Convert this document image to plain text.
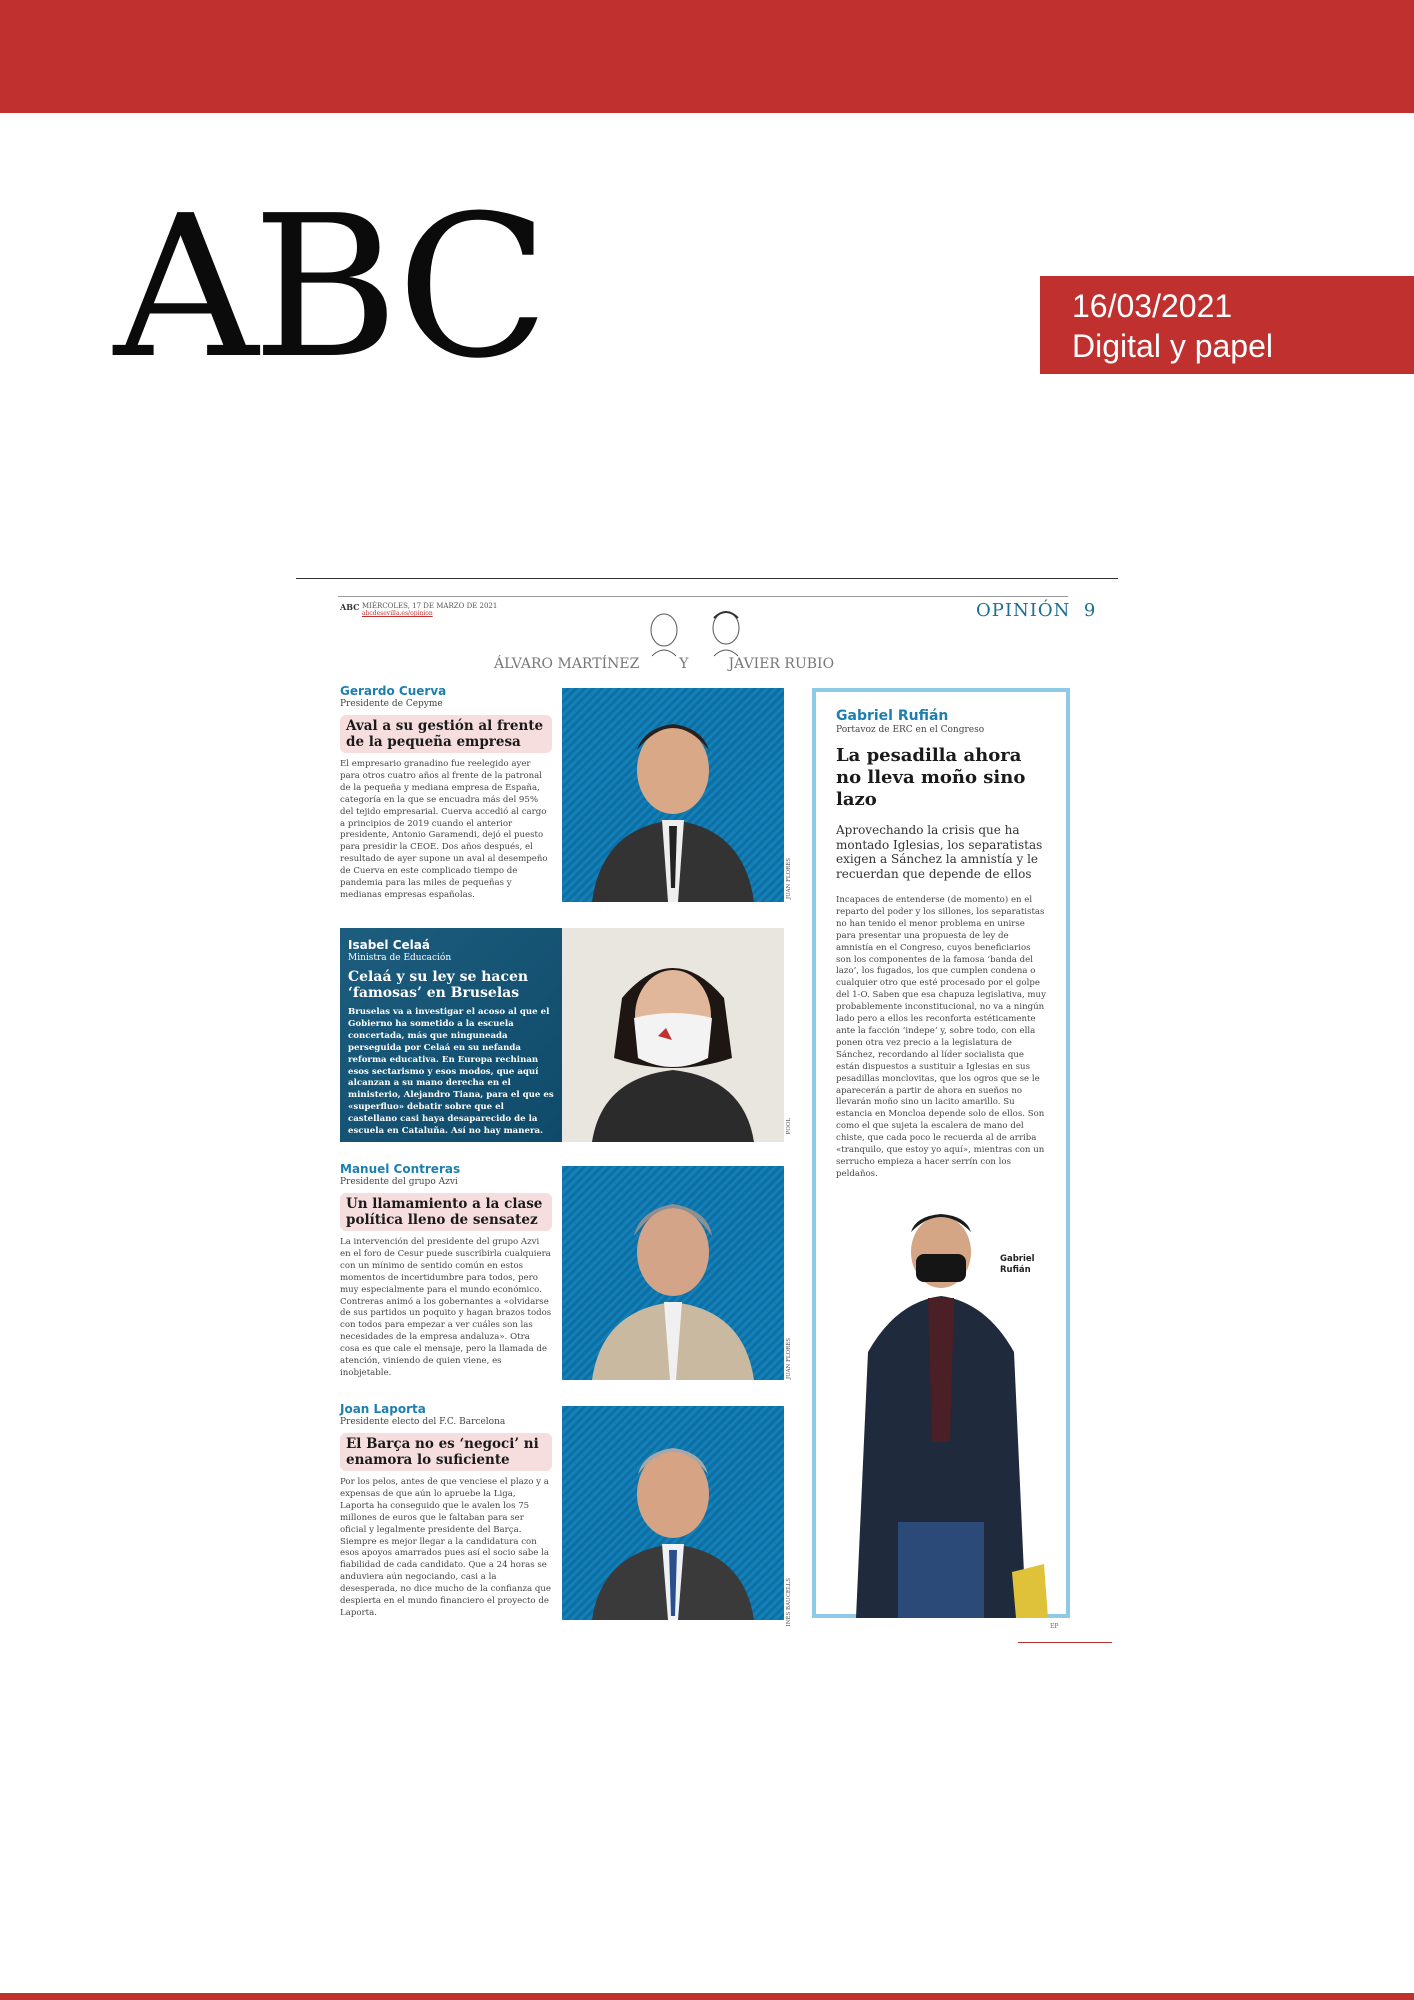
ABC	16/03/2021
Digital y papel
ABC MIÉRCOLES, 17 DE MARZO DE 2021
abcdesevilla.es/opinion	OPINIÓN 9
ÁLVARO MARTÍNEZ	Y	JAVIER RUBIO

Gerardo Cuerva

Presidente de Cepyme

Aval a su gestión al frente de la pequeña empresa

El empresario granadino fue reelegido ayer para otros cuatro años al frente de la patronal de la pequeña y mediana empresa de España, categoría en la que se encuadra más del 95% del tejido empresarial. Cuerva accedió al cargo a principios de 2019 cuando el anterior presidente, Antonio Garamendi, dejó el puesto para presidir la CEOE. Dos años después, el resultado de ayer supone un aval al desempeño de Cuerva en este complicado tiempo de pandemia para las miles de pequeñas y medianas empresas españolas.	JUAN FLORES

Isabel Celaá

Ministra de Educación

Celaá y su ley se hacen ‘famosas’ en Bruselas

Bruselas va a investigar el acoso al que el Gobierno ha sometido a la escuela concertada, más que ninguneada perseguida por Celaá en su nefanda reforma educativa. En Europa rechinan esos sectarismo y esos modos, que aquí alcanzan a su mano derecha en el ministerio, Alejandro Tiana, para el que es «superfluo» debatir sobre que el castellano casi haya desaparecido de la escuela en Cataluña. Así no hay manera.	POOL

Manuel Contreras

Presidente del grupo Azvi

Un llamamiento a la clase política lleno de sensatez

La intervención del presidente del grupo Azvi en el foro de Cesur puede suscribirla cualquiera con un mínimo de sentido común en estos momentos de incertidumbre para todos, pero muy especialmente para el mundo económico. Contreras animó a los gobernantes a «olvidarse de sus partidos un poquito y hagan brazos todos con todos para empezar a ver cuáles son las necesidades de la empresa andaluza». Otra cosa es que cale el mensaje, pero la llamada de atención, viniendo de quien viene, es inobjetable.	JUAN FLORES

Joan Laporta

Presidente electo del F.C. Barcelona

El Barça no es ‘negoci’ ni enamora lo suficiente

Por los pelos, antes de que venciese el plazo y a expensas de que aún lo apruebe la Liga, Laporta ha conseguido que le avalen los 75 millones de euros que le faltaban para ser oficial y legalmente presidente del Barça. Siempre es mejor llegar a la candidatura con esos apoyos amarrados pues así el socio sabe la fiabilidad de cada candidato. Que a 24 horas se anduviera aún negociando, casi a la desesperada, no dice mucho de la confianza que despierta en el mundo financiero el proyecto de Laporta.	INÉS BAUCELLS

Gabriel Rufián

Portavoz de ERC en el Congreso

La pesadilla ahora no lleva moño sino lazo

Aprovechando la crisis que ha montado Iglesias, los separatistas exigen a Sánchez la amnistía y le recuerdan que depende de ellos

Incapaces de entenderse (de momento) en el reparto del poder y los sillones, los separatistas no han tenido el menor problema en unirse para presentar una propuesta de ley de amnistía en el Congreso, cuyos beneficiarios son los componentes de la famosa ‘banda del lazo’, los fugados, los que cumplen condena o cualquier otro que esté procesado por el golpe del 1-O. Saben que esa chapuza legislativa, muy probablemente inconstitucional, no va a ningún lado pero a ellos les reconforta estéticamente ante la facción ‘indepe’ y, sobre todo, con ella ponen otra vez precio a la legislatura de Sánchez, recordando al líder socialista que están dispuestos a sustituir a Iglesias en sus pesadillas monclovitas, que los ogros que se le aparecerán a partir de ahora en sueños no llevarán moño sino un lacito amarillo. Su estancia en Moncloa depende solo de ellos. Son como el que sujeta la escalera de mano del chiste, que cada poco le recuerda al de arriba «tranquilo, que estoy yo aquí», mientras con un serrucho empieza a hacer serrín con los peldaños.

Gabriel Rufián
EP
